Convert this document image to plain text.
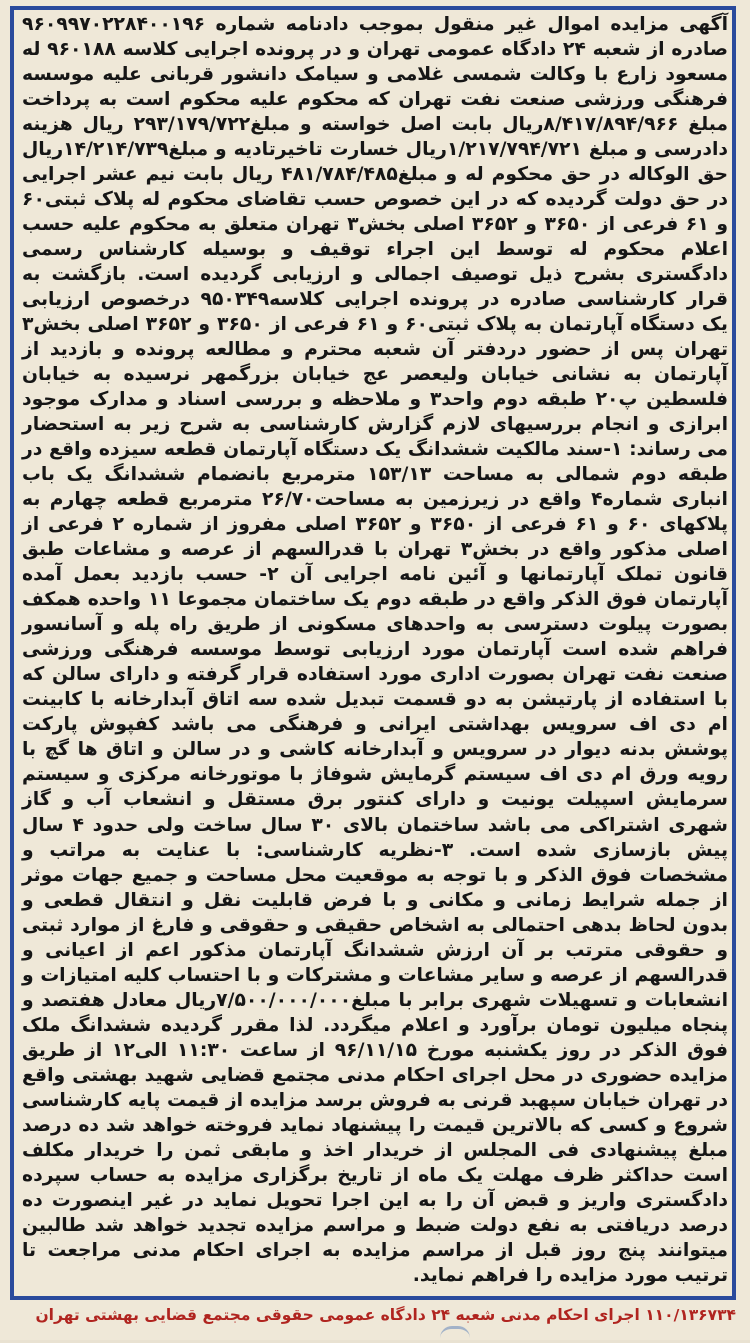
آگهی مزایده اموال غیر منقول بموجب دادنامه شماره ۹۶۰۹۹۷۰۲۲۸۴۰۰۱۹۶ صادره از شعبه ۲۴ دادگاه عمومی تهران و در پرونده اجرایی کلاسه ۹۶۰۱۸۸ له مسعود زارع با وکالت شمسی غلامی و سیامک دانشور قربانی علیه موسسه فرهنگی ورزشی صنعت نفت تهران که محکوم علیه محکوم است به پرداخت مبلغ ۸/۴۱۷/۸۹۴/۹۶۶ریال بابت اصل خواسته و مبلغ۲۹۳/۱۷۹/۷۲۲ ریال هزینه دادرسی و مبلغ ۱/۲۱۷/۷۹۴/۷۲۱ریال خسارت تاخیرتادیه و مبلغ۱۴/۲۱۴/۷۳۹ریال حق الوکاله در حق محکوم له و مبلغ۴۸۱/۷۸۴/۴۸۵ ریال بابت نیم عشر اجرایی در حق دولت گردیده که در این خصوص حسب تقاضای محکوم له پلاک ثبتی۶۰ و ۶۱ فرعی از ۳۶۵۰ و ۳۶۵۲ اصلی بخش۳ تهران متعلق به محکوم علیه حسب اعلام محکوم له توسط این اجراء توقیف و بوسیله کارشناس رسمی دادگستری بشرح ذیل توصیف اجمالی و ارزیابی گردیده است. بازگشت به قرار کارشناسی صادره در پرونده اجرایی کلاسه۹۵۰۳۴۹ درخصوص ارزیابی یک دستگاه آپارتمان به پلاک ثبتی۶۰ و ۶۱ فرعی از ۳۶۵۰ و ۳۶۵۲ اصلی بخش۳ تهران پس از حضور دردفتر آن شعبه محترم و مطالعه پرونده و بازدید از آپارتمان به نشانی خیابان ولیعصر عج خیابان بزرگمهر نرسیده به خیابان فلسطین پ۲۰ طبقه دوم واحد۳ و ملاحظه و بررسی اسناد و مدارک موجود ابرازی و انجام بررسیهای لازم گزارش کارشناسی به شرح زیر به استحضار می رساند: ۱-سند مالکیت ششدانگ یک دستگاه آپارتمان قطعه سیزده واقع در طبقه دوم شمالی به مساحت ۱۵۳/۱۳ مترمربع بانضمام ششدانگ یک باب انباری شماره۴ واقع در زیرزمین به مساحت۲۶/۷۰ مترمربع قطعه چهارم به پلاکهای ۶۰ و ۶۱ فرعی از ۳۶۵۰ و ۳۶۵۲ اصلی مفروز از شماره ۲ فرعی از اصلی مذکور واقع در بخش۳ تهران با قدرالسهم از عرصه و مشاعات طبق قانون تملک آپارتمانها و آئین نامه اجرایی آن ۲- حسب بازدید بعمل آمده آپارتمان فوق الذکر واقع در طبقه دوم یک ساختمان مجموعا ۱۱ واحده همکف بصورت پیلوت دسترسی به واحدهای مسکونی از طریق راه پله و آسانسور فراهم شده است آپارتمان مورد ارزیابی توسط موسسه فرهنگی ورزشی صنعت نفت تهران بصورت اداری مورد استفاده قرار گرفته و دارای سالن که با استفاده از پارتیشن به دو قسمت تبدیل شده سه اتاق آبدارخانه با کابینت ام دی اف سرویس بهداشتی ایرانی و فرهنگی می باشد کفپوش پارکت پوشش بدنه دیوار در سرویس و آبدارخانه کاشی و در سالن و اتاق ها گچ با رویه ورق ام دی اف سیستم گرمایش شوفاژ با موتورخانه مرکزی و سیستم سرمایش اسپیلت یونیت و دارای کنتور برق مستقل و انشعاب آب و گاز شهری اشتراکی می باشد ساختمان بالای ۳۰ سال ساخت ولی حدود ۴ سال پیش بازسازی شده است. ۳-نظریه کارشناسی: با عنایت به مراتب و مشخصات فوق الذکر و با توجه به موقعیت محل مساحت و جمیع جهات موثر از جمله شرایط زمانی و مکانی و با فرض قابلیت نقل و انتقال قطعی و بدون لحاظ بدهی احتمالی به اشخاص حقیقی و حقوقی و فارغ از موارد ثبتی و حقوقی مترتب بر آن ارزش ششدانگ آپارتمان مذکور اعم از اعیانی و قدرالسهم از عرصه و سایر مشاعات و مشترکات و با احتساب کلیه امتیازات و انشعابات و تسهیلات شهری برابر با مبلغ۷/۵۰۰/۰۰۰/۰۰۰ریال معادل هفتصد و پنجاه میلیون تومان برآورد و اعلام میگردد. لذا مقرر گردیده ششدانگ ملک فوق الذکر در روز یکشنبه مورخ ۹۶/۱۱/۱۵ از ساعت ۱۱:۳۰ الی۱۲ از طریق مزایده حضوری در محل اجرای احکام مدنی مجتمع قضایی شهید بهشتی واقع در تهران خیابان سپهبد قرنی به فروش برسد مزایده از قیمت پایه کارشناسی شروع و کسی که بالاترین قیمت را پیشنهاد نماید فروخته خواهد شد ده درصد مبلغ پیشنهادی فی المجلس از خریدار اخذ و مابقی ثمن را خریدار مکلف است حداکثر ظرف مهلت یک ماه از تاریخ برگزاری مزایده به حساب سپرده دادگستری واریز و قبض آن را به این اجرا تحویل نماید در غیر اینصورت ده درصد دریافتی به نفع دولت ضبط و مراسم مزایده تجدید خواهد شد طالبین میتوانند پنج روز قبل از مراسم مزایده به اجرای احکام مدنی مراجعت تا ترتیب مورد مزایده را فراهم نماید.

۱۱۰/۱۳۶۷۳۴ اجرای احکام مدنی شعبه ۲۴ دادگاه عمومی حقوقی مجتمع قضایی بهشتی تهران
